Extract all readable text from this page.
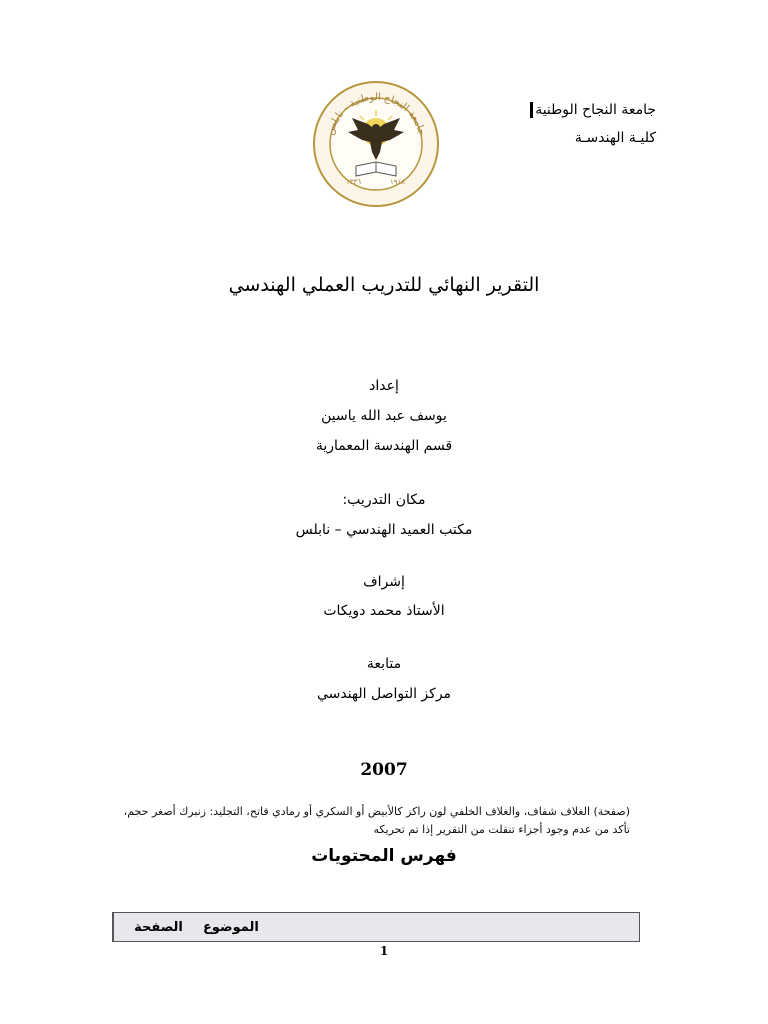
جامعة النجاح الوطنية
كليـة الهندسـة
جامعة النجاح الوطنية - نابلس
١٣٣٦	١٩١٨
التقرير النهائي للتدريب العملي الهندسي
إعداد
يوسف عبد الله ياسين
قسم الهندسة المعمارية
مكان التدريب:
مكتب العميد الهندسي – نابلس
إشراف
الأستاذ محمد دويكات
متابعة
مركز التواصل الهندسي
2007
(صفحة) الغلاف شفاف، والغلاف الخلفي لون راكز كالأبيض أو السكري أو رمادي فاتح، التجليد: زنبرك أصغر حجم، تأكد من عدم وجود أجزاء تنقلت من التقرير إذا تم تحريكه
فهرس المحتويات
الموضوع
الصفحة
1
